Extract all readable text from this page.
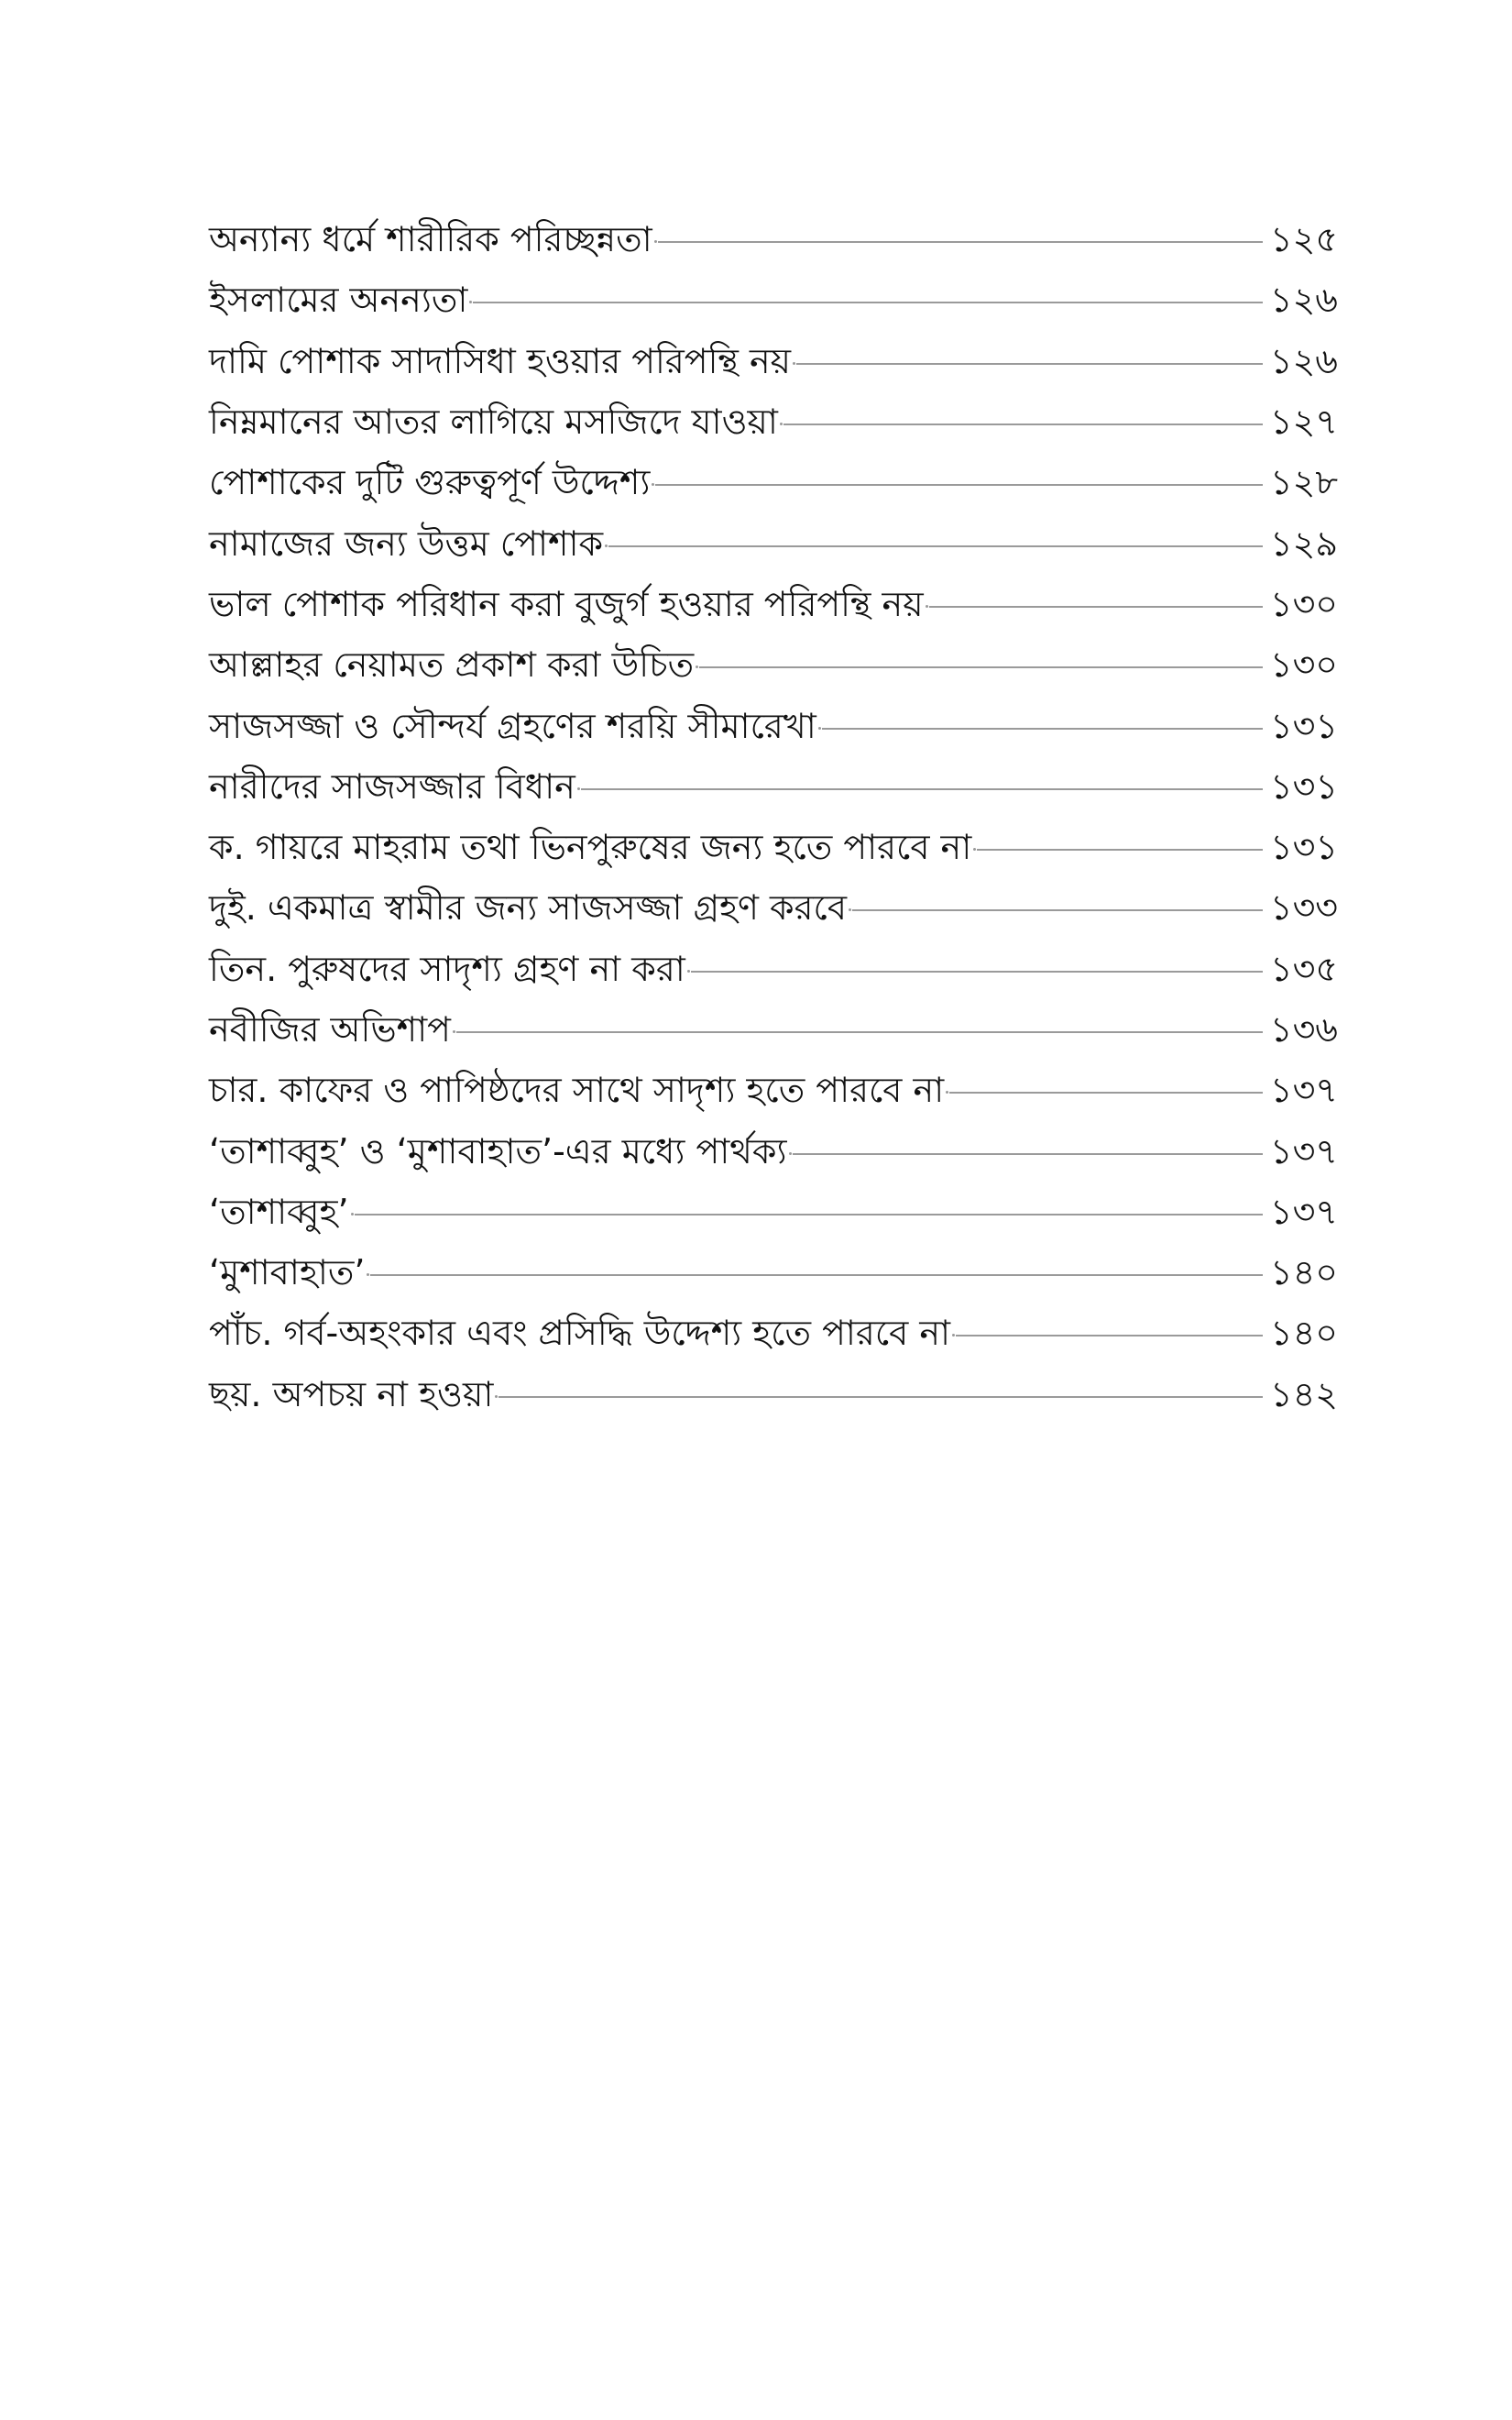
অন্যান্য ধর্মে শারীরিক পরিচ্ছন্নতা	১২৫
ইসলামের অনন্যতা	১২৬
দামি পোশাক সাদাসিধা হওয়ার পরিপন্থি নয়	১২৬
নিম্নমানের আতর লাগিয়ে মসজিদে যাওয়া	১২৭
পোশাকের দুটি গুরুত্বপূর্ণ উদ্দেশ্য	১২৮
নামাজের জন্য উত্তম পোশাক	১২৯
ভাল পোশাক পরিধান করা বুজুর্গ হওয়ার পরিপন্থি নয়	১৩০
আল্লাহর নেয়ামত প্রকাশ করা উচিত	১৩০
সাজসজ্জা ও সৌন্দর্য গ্রহণের শরয়ি সীমারেখা	১৩১
নারীদের সাজসজ্জার বিধান	১৩১
ক. গায়রে মাহরাম তথা ভিনপুরুষের জন্য হতে পারবে না	১৩১
দুই. একমাত্র স্বামীর জন্য সাজসজ্জা গ্রহণ করবে	১৩৩
তিন. পুরুষদের সাদৃশ্য গ্রহণ না করা	১৩৫
নবীজির অভিশাপ	১৩৬
চার. কাফের ও পাপিষ্ঠদের সাথে সাদৃশ্য হতে পারবে না	১৩৭
‘তাশাব্বুহ’ ও ‘মুশাবাহাত’-এর মধ্যে পার্থক্য	১৩৭
‘তাশাব্বুহ’	১৩৭
‘মুশাবাহাত’	১৪০
পাঁচ. গর্ব-অহংকার এবং প্রসিদ্ধি উদ্দেশ্য হতে পারবে না	১৪০
ছয়. অপচয় না হওয়া	১৪২
